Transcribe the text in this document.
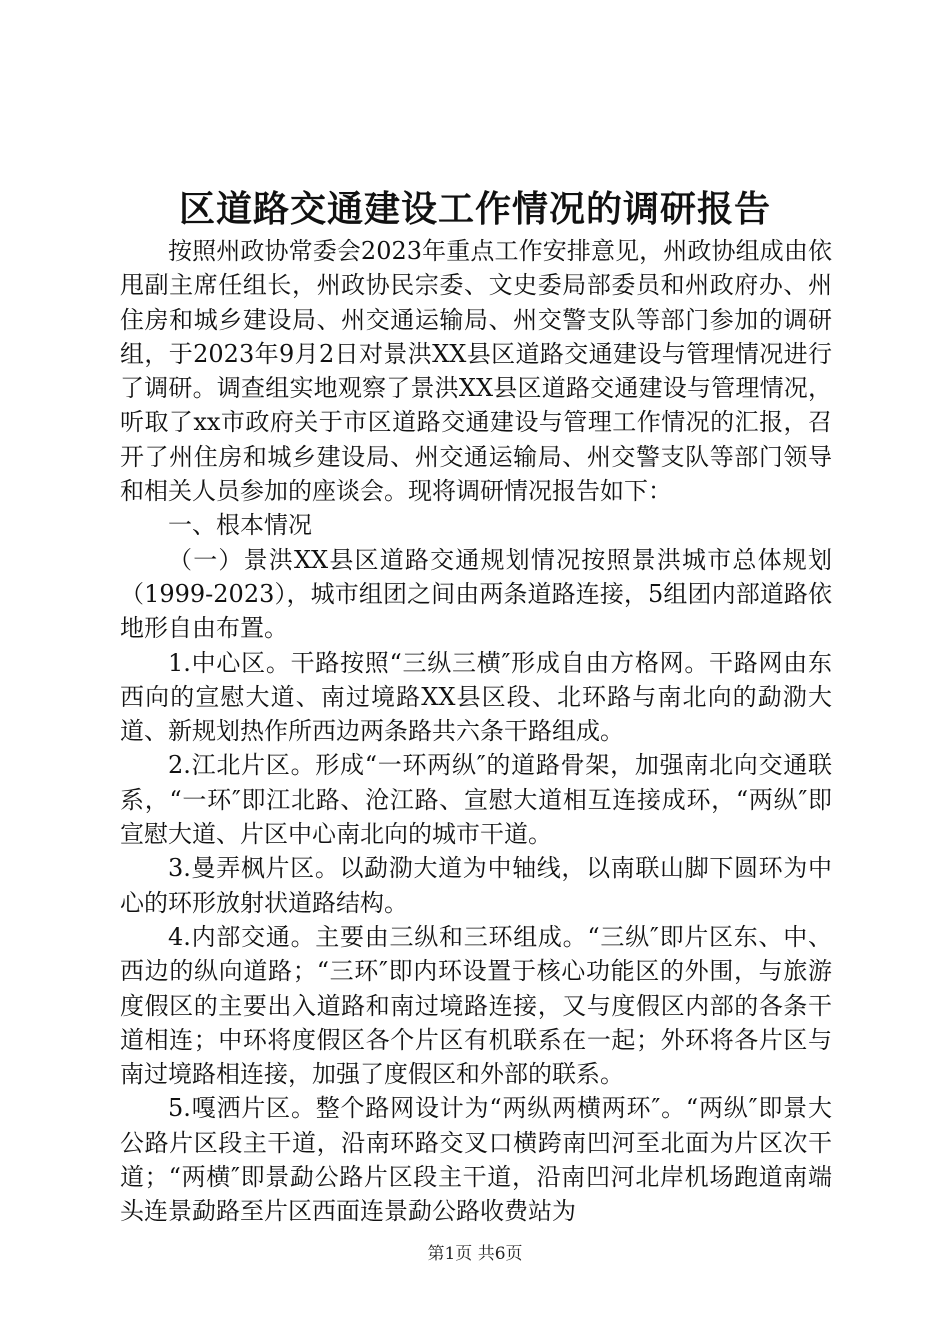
区道路交通建设工作情况的调研报告

按照州政协常委会2023年重点工作安排意见，州政协组成由依甩副主席任组长，州政协民宗委、文史委局部委员和州政府办、州住房和城乡建设局、州交通运输局、州交警支队等部门参加的调研组，于2023年9月2日对景洪XX县区道路交通建设与管理情况进行了调研。调查组实地观察了景洪XX县区道路交通建设与管理情况，听取了xx市政府关于市区道路交通建设与管理工作情况的汇报，召开了州住房和城乡建设局、州交通运输局、州交警支队等部门领导和相关人员参加的座谈会。现将调研情况报告如下：

一、根本情况

（一）景洪XX县区道路交通规划情况按照景洪城市总体规划（1999-2023），城市组团之间由两条道路连接，5组团内部道路依地形自由布置。

1.中心区。干路按照“三纵三横″形成自由方格网。干路网由东西向的宣慰大道、南过境路XX县区段、北环路与南北向的勐泐大道、新规划热作所西边两条路共六条干路组成。

2.江北片区。形成“一环两纵″的道路骨架，加强南北向交通联系，“一环″即江北路、沧江路、宣慰大道相互连接成环，“两纵″即宣慰大道、片区中心南北向的城市干道。

3.曼弄枫片区。以勐泐大道为中轴线，以南联山脚下圆环为中心的环形放射状道路结构。

4.内部交通。主要由三纵和三环组成。“三纵″即片区东、中、西边的纵向道路；“三环″即内环设置于核心功能区的外围，与旅游度假区的主要出入道路和南过境路连接，又与度假区内部的各条干道相连；中环将度假区各个片区有机联系在一起；外环将各片区与南过境路相连接，加强了度假区和外部的联系。

5.嘎洒片区。整个路网设计为“两纵两横两环″。“两纵″即景大公路片区段主干道，沿南环路交叉口横跨南凹河至北面为片区次干道；“两横″即景勐公路片区段主干道，沿南凹河北岸机场跑道南端头连景勐路至片区西面连景勐公路收费站为

第1页 共6页
